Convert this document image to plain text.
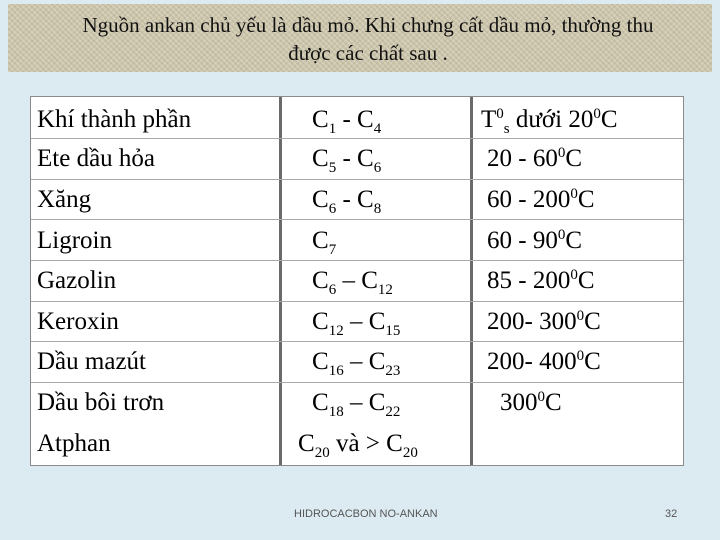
Nguồn ankan chủ yếu là dầu mỏ. Khi chưng cất dầu mỏ, thường thu
được các chất sau .
Khí thành phần
Ete dầu hỏa
Xăng
Ligroin
Gazolin
Keroxin
Dầu mazút
Dầu bôi trơn
Atphan
$C_1 - C_4$
$C_5 - C_6$
$C_6 - C_8$
$C_7$
$C_6 - C_{12}$
$C_{12} - C_{15}$
$C_{16} - C_{23}$
$C_{18} - C_{22}$
$C_{20}$ và > $C_{20}$
$T^0_s$ dưới $20^0C$
$20 - 60^0C$
$60 - 200^0C$
$60 - 90^0C$
$85 - 200^0C$
200- $300^0C$
200- $400^0C$
$300^0C$
HIDROCACBON NO-ANKAN	32
